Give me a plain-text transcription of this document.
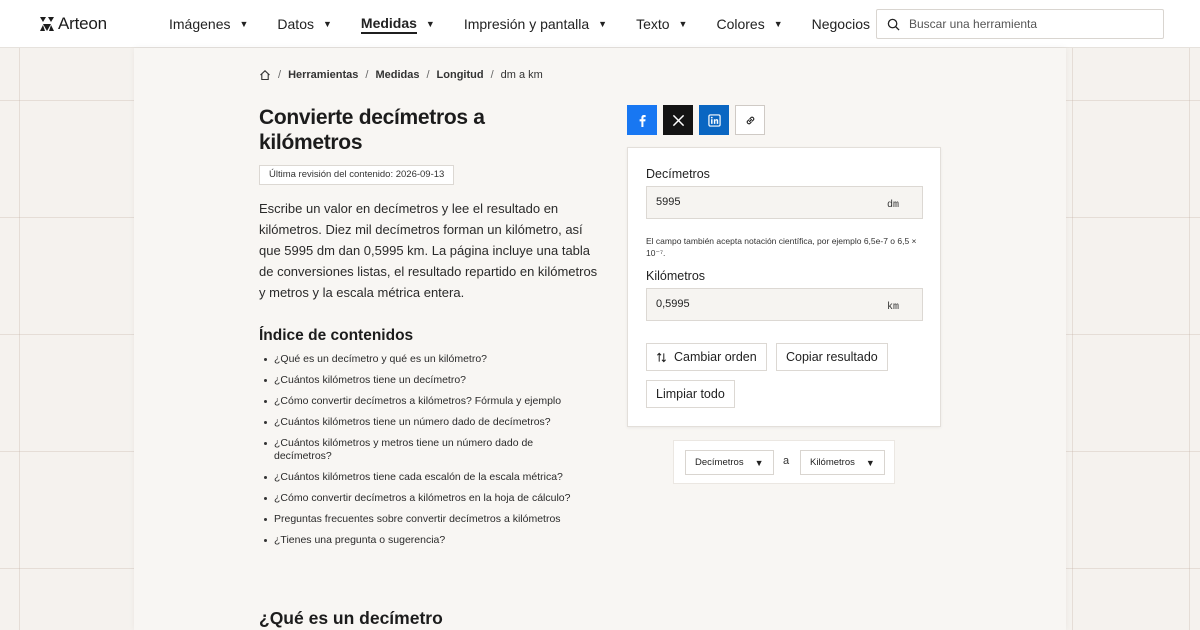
Arteon	Imágenes ▼ Datos ▼ Medidas ▼ Impresión y pantalla ▼ Texto ▼ Colores ▼ Negocios
Buscar una herramienta
/ Herramientas / Medidas / Longitud / dm a km
Convierte decímetros a kilómetros
Última revisión del contenido: 2026-09-13

Escribe un valor en decímetros y lee el resultado en kilómetros. Diez mil decímetros forman un kilómetro, así que 5995 dm dan 0,5995 km. La página incluye una tabla de conversiones listas, el resultado repartido en kilómetros y metros y la escala métrica entera.

Índice de contenidos
¿Qué es un decímetro y qué es un kilómetro?
¿Cuántos kilómetros tiene un decímetro?
¿Cómo convertir decímetros a kilómetros? Fórmula y ejemplo
¿Cuántos kilómetros tiene un número dado de decímetros?
¿Cuántos kilómetros y metros tiene un número dado de decímetros?
¿Cuántos kilómetros tiene cada escalón de la escala métrica?
¿Cómo convertir decímetros a kilómetros en la hoja de cálculo?
Preguntas frecuentes sobre convertir decímetros a kilómetros
¿Tienes una pregunta o sugerencia?
¿Qué es un decímetro
Decímetros
5995
dm
El campo también acepta notación científica, por ejemplo 6,5e-7 o 6,5 × 10⁻⁷.
Kilómetros
0,5995
km
Cambiar orden Copiar resultado
Limpiar todo
Decímetros ▼ a Kilómetros ▼
